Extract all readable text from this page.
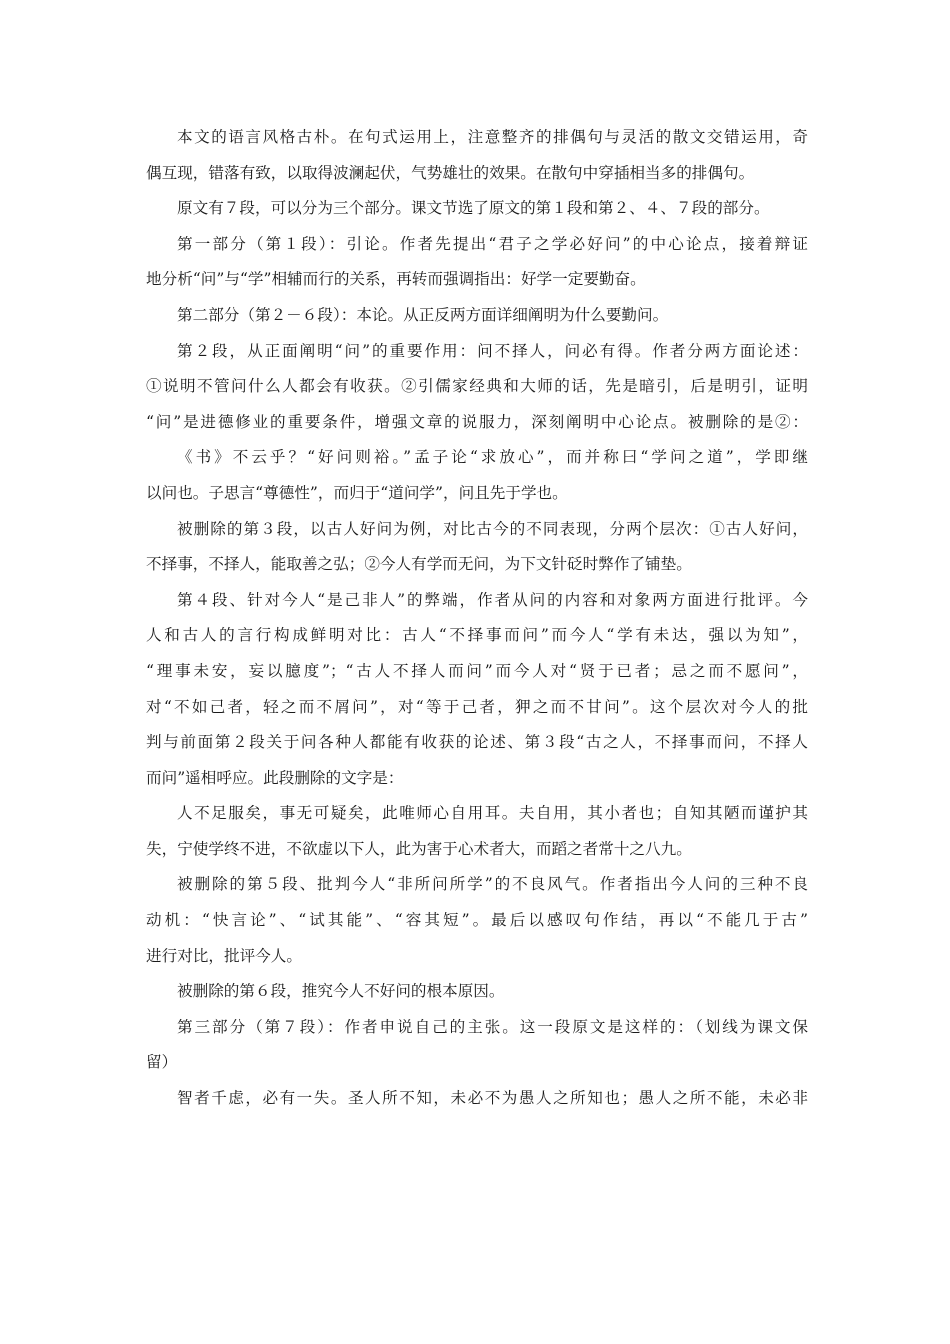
本文的语言风格古朴。在句式运用上，注意整齐的排偶句与灵活的散文交错运用，奇
偶互现，错落有致，以取得波澜起伏，气势雄壮的效果。在散句中穿插相当多的排偶句。
原文有７段，可以分为三个部分。课文节选了原文的第１段和第２、４、７段的部分。
第一部分（第１段）：引论。作者先提出“君子之学必好问”的中心论点，接着辩证
地分析“问”与“学”相辅而行的关系，再转而强调指出：好学一定要勤奋。
第二部分（第２－６段）：本论。从正反两方面详细阐明为什么要勤问。
第２段，从正面阐明“问”的重要作用：问不择人，问必有得。作者分两方面论述：
①说明不管问什么人都会有收获。②引儒家经典和大师的话，先是暗引，后是明引，证明
“问”是进德修业的重要条件，增强文章的说服力，深刻阐明中心论点。被删除的是②：
《书》不云乎？“好问则裕。”孟子论“求放心”，而并称曰“学问之道”，学即继
以问也。子思言“尊德性”，而归于“道问学”，问且先于学也。
被删除的第３段，以古人好问为例，对比古今的不同表现，分两个层次：①古人好问，
不择事，不择人，能取善之弘；②今人有学而无问，为下文针砭时弊作了铺垫。
第４段、针对今人“是己非人”的弊端，作者从问的内容和对象两方面进行批评。今
人和古人的言行构成鲜明对比：古人“不择事而问”而今人“学有未达，强以为知”，
“理事未安，妄以臆度”；“古人不择人而问”而今人对“贤于已者；忌之而不愿问”，
对“不如己者，轻之而不屑问”，对“等于己者，狎之而不甘问”。这个层次对今人的批
判与前面第２段关于问各种人都能有收获的论述、第３段“古之人，不择事而问，不择人
而问”遥相呼应。此段删除的文字是：
人不足服矣，事无可疑矣，此唯师心自用耳。夫自用，其小者也；自知其陋而谨护其
失，宁使学终不进，不欲虚以下人，此为害于心术者大，而蹈之者常十之八九。
被删除的第５段、批判今人“非所问所学”的不良风气。作者指出今人问的三种不良
动机：“快言论”、“试其能”、“容其短”。最后以感叹句作结，再以“不能几于古”
进行对比，批评今人。
被删除的第６段，推究今人不好问的根本原因。
第三部分（第７段）：作者申说自己的主张。这一段原文是这样的：（划线为课文保
留）
智者千虑，必有一失。圣人所不知，未必不为愚人之所知也；愚人之所不能，未必非
